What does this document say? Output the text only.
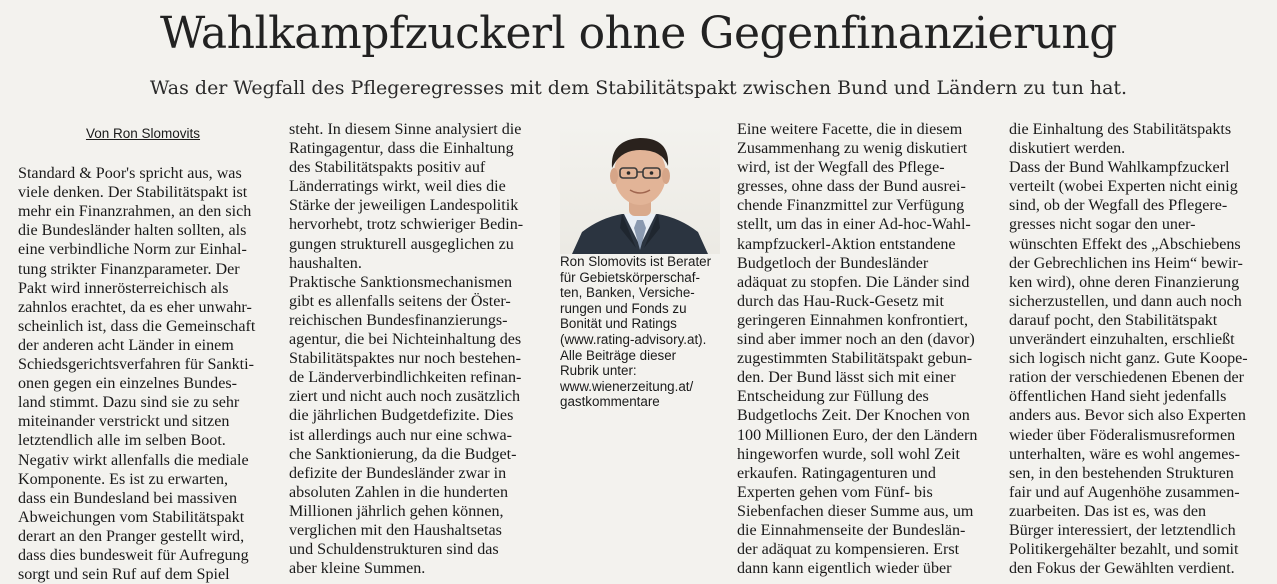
Wahlkampfzuckerl ohne Gegenfinanzierung
Was der Wegfall des Pflegeregresses mit dem Stabilitätspakt zwischen Bund und Ländern zu tun hat.
Von Ron Slomovits

Standard & Poor's spricht aus, was
viele denken. Der Stabilitätspakt ist
mehr ein Finanzrahmen, an den sich
die Bundesländer halten sollten, als
eine verbindliche Norm zur Einhal-
tung strikter Finanzparameter. Der
Pakt wird innerösterreichisch als
zahnlos erachtet, da es eher unwahr-
scheinlich ist, dass die Gemeinschaft
der anderen acht Länder in einem
Schiedsgerichtsverfahren für Sankti-
onen gegen ein einzelnes Bundes-
land stimmt. Dazu sind sie zu sehr
miteinander verstrickt und sitzen
letztendlich alle im selben Boot.
Negativ wirkt allenfalls die mediale
Komponente. Es ist zu erwarten,
dass ein Bundesland bei massiven
Abweichungen vom Stabilitätspakt
derart an den Pranger gestellt wird,
dass dies bundesweit für Aufregung
sorgt und sein Ruf auf dem Spiel

steht. In diesem Sinne analysiert die
Ratingagentur, dass die Einhaltung
des Stabilitätspakts positiv auf
Länderratings wirkt, weil dies die
Stärke der jeweiligen Landespolitik
hervorhebt, trotz schwieriger Bedin-
gungen strukturell ausgeglichen zu
haushalten.
Praktische Sanktionsmechanismen
gibt es allenfalls seitens der Öster-
reichischen Bundesfinanzierungs-
agentur, die bei Nichteinhaltung des
Stabilitätspaktes nur noch bestehen-
de Länderverbindlichkeiten refinan-
ziert und nicht auch noch zusätzlich
die jährlichen Budgetdefizite. Dies
ist allerdings auch nur eine schwa-
che Sanktionierung, da die Budget-
defizite der Bundesländer zwar in
absoluten Zahlen in die hunderten
Millionen jährlich gehen können,
verglichen mit den Haushaltsetas
und Schuldenstrukturen sind das
aber kleine Summen.

Ron Slomovits ist Berater
für Gebietskörperschaf-
ten, Banken, Versiche-
rungen und Fonds zu
Bonität und Ratings
(www.rating-advisory.at).

Alle Beiträge dieser
Rubrik unter:
www.wienerzeitung.at/
gastkommentare

Eine weitere Facette, die in diesem
Zusammenhang zu wenig diskutiert
wird, ist der Wegfall des Pflege-
gresses, ohne dass der Bund ausrei-
chende Finanzmittel zur Verfügung
stellt, um das in einer Ad-hoc-Wahl-
kampfzuckerl-Aktion entstandene
Budgetloch der Bundesländer
adäquat zu stopfen. Die Länder sind
durch das Hau-Ruck-Gesetz mit
geringeren Einnahmen konfrontiert,
sind aber immer noch an den (davor)
zugestimmten Stabilitätspakt gebun-
den. Der Bund lässt sich mit einer
Entscheidung zur Füllung des
Budgetlochs Zeit. Der Knochen von
100 Millionen Euro, der den Ländern
hingeworfen wurde, soll wohl Zeit
erkaufen. Ratingagenturen und
Experten gehen vom Fünf- bis
Siebenfachen dieser Summe aus, um
die Einnahmenseite der Bundeslän-
der adäquat zu kompensieren. Erst
dann kann eigentlich wieder über

die Einhaltung des Stabilitätspakts
diskutiert werden.
Dass der Bund Wahlkampfzuckerl
verteilt (wobei Experten nicht einig
sind, ob der Wegfall des Pflegere-
gresses nicht sogar den uner-
wünschten Effekt des „Abschiebens
der Gebrechlichen ins Heim“ bewir-
ken wird), ohne deren Finanzierung
sicherzustellen, und dann auch noch
darauf pocht, den Stabilitätspakt
unverändert einzuhalten, erschließt
sich logisch nicht ganz. Gute Koope-
ration der verschiedenen Ebenen der
öffentlichen Hand sieht jedenfalls
anders aus. Bevor sich also Experten
wieder über Föderalismusreformen
unterhalten, wäre es wohl angemes-
sen, in den bestehenden Strukturen
fair und auf Augenhöhe zusammen-
zuarbeiten. Das ist es, was den
Bürger interessiert, der letztendlich
Politikergehälter bezahlt, und somit
den Fokus der Gewählten verdient.
